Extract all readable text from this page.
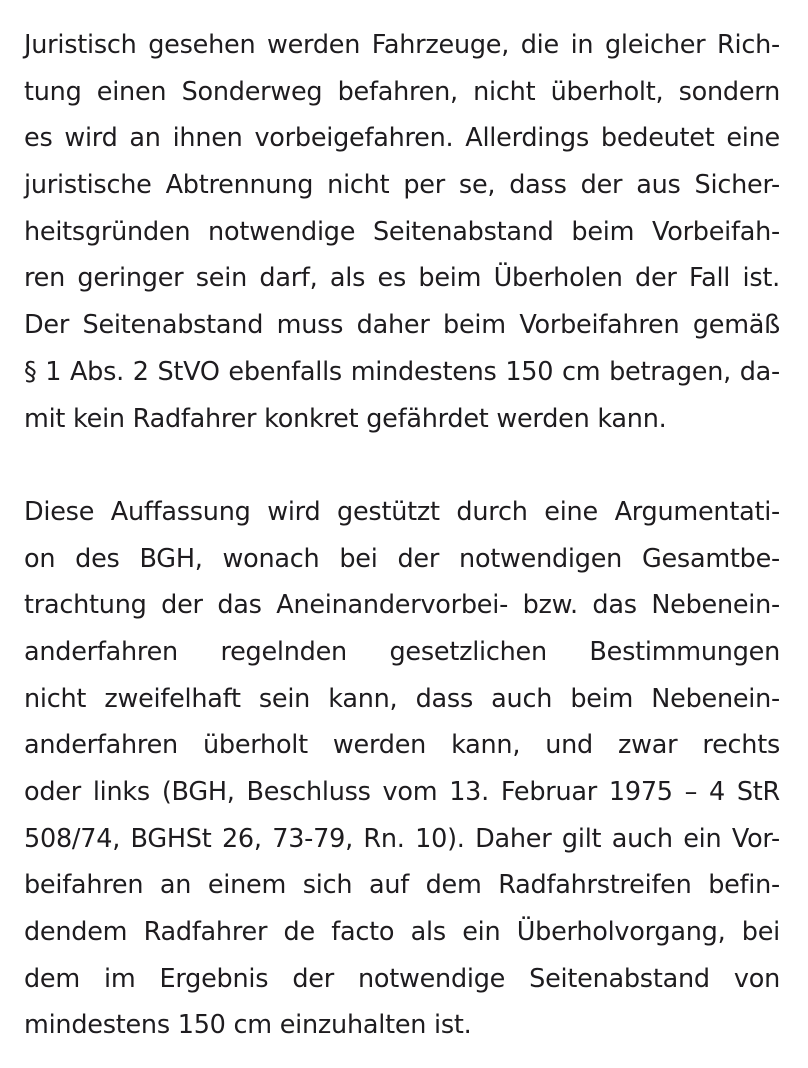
Juristisch gesehen werden Fahrzeuge, die in gleicher Rich-
tung einen Sonderweg befahren, nicht überholt, sondern
es wird an ihnen vorbeigefahren. Allerdings bedeutet eine
juristische Abtrennung nicht per se, dass der aus Sicher-
heitsgründen notwendige Seitenabstand beim Vorbeifah-
ren geringer sein darf, als es beim Überholen der Fall ist.
Der Seitenabstand muss daher beim Vorbeifahren gemäß
§ 1 Abs. 2 StVO ebenfalls mindestens 150 cm betragen, da-
mit kein Radfahrer konkret gefährdet werden kann.
Diese Auffassung wird gestützt durch eine Argumentati-
on des BGH, wonach bei der notwendigen Gesamtbe-
trachtung der das Aneinandervorbei- bzw. das Nebenein-
anderfahren regelnden gesetzlichen Bestimmungen
nicht zweifelhaft sein kann, dass auch beim Nebenein-
anderfahren überholt werden kann, und zwar rechts
oder links (BGH, Beschluss vom 13. Februar 1975 – 4 StR
508/74, BGHSt 26, 73-79, Rn. 10). Daher gilt auch ein Vor-
beifahren an einem sich auf dem Radfahrstreifen befin-
dendem Radfahrer de facto als ein Überholvorgang, bei
dem im Ergebnis der notwendige Seitenabstand von
mindestens 150 cm einzuhalten ist.
